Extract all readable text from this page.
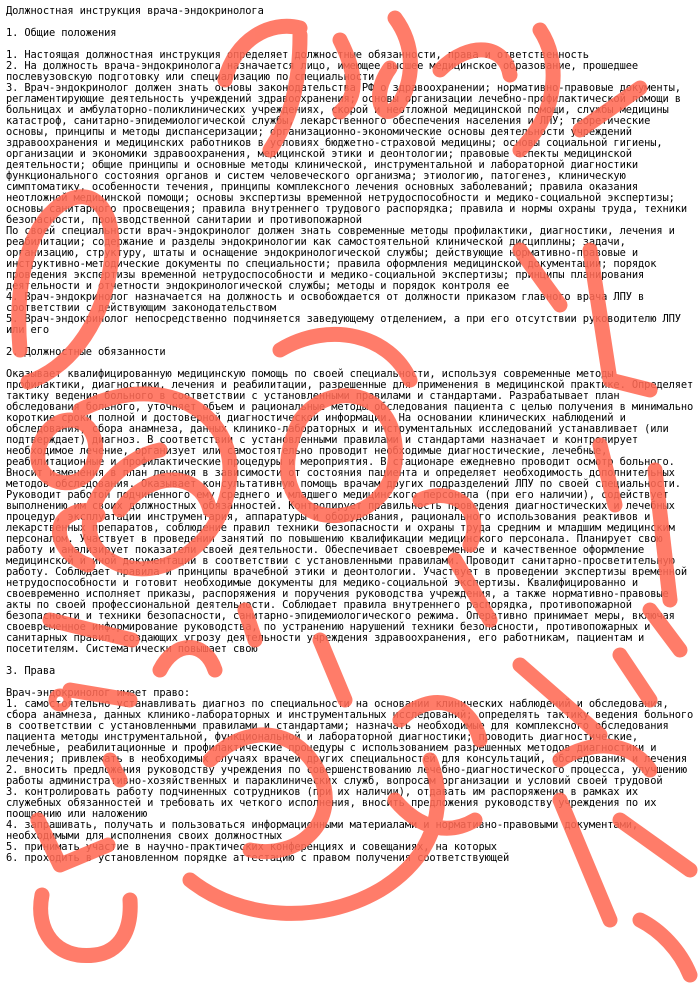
Должностная инструкция врача-эндокринолога

1. Общие положения

1. Настоящая должностная инструкция определяет должностные обязанности, права и ответственность

2. На должность врача-эндокринолога назначается лицо, имеющее высшее медицинское образование, прошедшее послевузовскую подготовку или специализацию по специальности

3. Врач-эндокринолог должен знать основы законодательства РФ о здравоохранении; нормативно-правовые документы, регламентирующие деятельность учреждений здравоохранения; основы организации лечебно-профилактической помощи в больницах и амбулаторно-поликлинических учреждениях, скорой и неотложной медицинской помощи, службы медицины катастроф, санитарно-эпидемиологической службы, лекарственного обеспечения населения и ЛПУ; теоретические основы, принципы и методы диспансеризации; организационно-экономические основы деятельности учреждений здравоохранения и медицинских работников в условиях бюджетно-страховой медицины; основы социальной гигиены, организации и экономики здравоохранения, медицинской этики и деонтологии; правовые аспекты медицинской деятельности; общие принципы и основные методы клинической, инструментальной и лабораторной диагностики функционального состояния органов и систем человеческого организма; этиологию, патогенез, клиническую симптоматику, особенности течения, принципы комплексного лечения основных заболеваний; правила оказания неотложной медицинской помощи; основы экспертизы временной нетрудоспособности и медико-социальной экспертизы; основы санитарного просвещения; правила внутреннего трудового распорядка; правила и нормы охраны труда, техники безопасности, производственной санитарии и противопожарной

По своей специальности врач-эндокринолог должен знать современные методы профилактики, диагностики, лечения и реабилитации; содержание и разделы эндокринологии как самостоятельной клинической дисциплины; задачи, организацию, структуру, штаты и оснащение эндокринологической службы; действующие нормативно-правовые и инструктивно-методические документы по специальности; правила оформления медицинской документации; порядок проведения экспертизы временной нетрудоспособности и медико-социальной экспертизы; принципы планирования деятельности и отчетности эндокринологической службы; методы и порядок контроля ее

4. Врач-эндокринолог назначается на должность и освобождается от должности приказом главного врача ЛПУ в соответствии с действующим законодательством

5. Врач-эндокринолог непосредственно подчиняется заведующему отделением, а при его отсутствии руководителю ЛПУ или его

2. Должностные обязанности

Оказывает квалифицированную медицинскую помощь по своей специальности, используя современные методы профилактики, диагностики, лечения и реабилитации, разрешенные для применения в медицинской практике. Определяет тактику ведения больного в соответствии с установленными правилами и стандартами. Разрабатывает план обследования больного, уточняет объем и рациональные методы обследования пациента с целью получения в минимально короткие сроки полной и достоверной диагностической информации. На основании клинических наблюдений и обследования, сбора анамнеза, данных клинико-лабораторных и инструментальных исследований устанавливает (или подтверждает) диагноз. В соответствии с установленными правилами и стандартами назначает и контролирует необходимое лечение, организует или самостоятельно проводит необходимые диагностические, лечебные, реабилитационные и профилактические процедуры и мероприятия. В стационаре ежедневно проводит осмотр больного. Вносит изменения в план лечения в зависимости от состояния пациента и определяет необходимость дополнительных методов обследования. Оказывает консультативную помощь врачам других подразделений ЛПУ по своей специальности. Руководит работой подчиненного ему среднего и младшего медицинского персонала (при его наличии), содействует выполнению им своих должностных обязанностей. Контролирует правильность проведения диагностических и лечебных процедур, эксплуатации инструментария, аппаратуры и оборудования, рационального использования реактивов и лекарственных препаратов, соблюдение правил техники безопасности и охраны труда средним и младшим медицинским персоналом. Участвует в проведении занятий по повышению квалификации медицинского персонала. Планирует свою работу и анализирует показатели своей деятельности. Обеспечивает своевременное и качественное оформление медицинской и иной документации в соответствии с установленными правилами. Проводит санитарно-просветительную работу. Соблюдает правила и принципы врачебной этики и деонтологии. Участвует в проведении экспертизы временной нетрудоспособности и готовит необходимые документы для медико-социальной экспертизы. Квалифицированно и своевременно исполняет приказы, распоряжения и поручения руководства учреждения, а также нормативно-правовые акты по своей профессиональной деятельности. Соблюдает правила внутреннего распорядка, противопожарной безопасности и техники безопасности, санитарно-эпидемиологического режима. Оперативно принимает меры, включая своевременное информирование руководства, по устранению нарушений техники безопасности, противопожарных и санитарных правил, создающих угрозу деятельности учреждения здравоохранения, его работникам, пациентам и посетителям. Систематически повышает свою

3. Права

Врач-эндокринолог имеет право:

1. самостоятельно устанавливать диагноз по специальности на основании клинических наблюдений и обследования, сбора анамнеза, данных клинико-лабораторных и инструментальных исследований; определять тактику ведения больного в соответствии с установленными правилами и стандартами; назначать необходимые для комплексного обследования пациента методы инструментальной, функциональной и лабораторной диагностики; проводить диагностические, лечебные, реабилитационные и профилактические процедуры с использованием разрешенных методов диагностики и лечения; привлекать в необходимых случаях врачей других специальностей для консультаций, обследования и лечения

2. вносить предложения руководству учреждения по совершенствованию лечебно-диагностического процесса, улучшению работы административно-хозяйственных и параклинических служб, вопросам организации и условий своей трудовой

3. контролировать работу подчиненных сотрудников (при их наличии), отдавать им распоряжения в рамках их служебных обязанностей и требовать их четкого исполнения, вносить предложения руководству учреждения по их поощрению или наложению

4. запрашивать, получать и пользоваться информационными материалами и нормативно-правовыми документами, необходимыми для исполнения своих должностных

5. принимать участие в научно-практических конференциях и совещаниях, на которых

6. проходить в установленном порядке аттестацию с правом получения соответствующей
